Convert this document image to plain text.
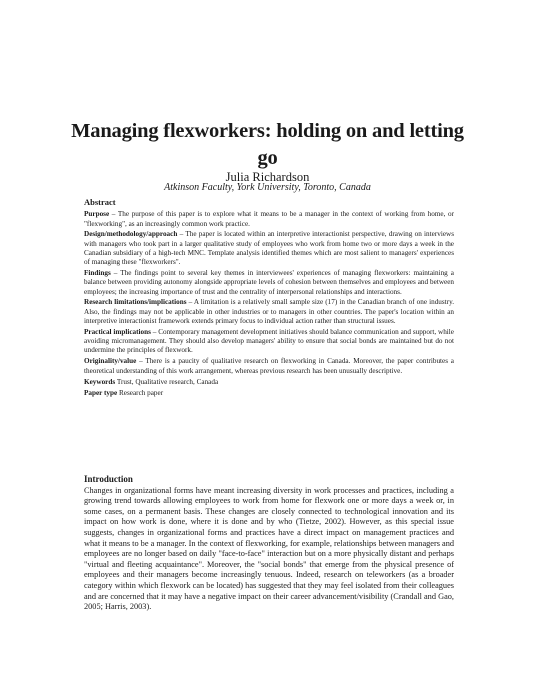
Managing flexworkers: holding on and letting go
Julia Richardson
Atkinson Faculty, York University, Toronto, Canada
Abstract

Purpose – The purpose of this paper is to explore what it means to be a manager in the context of working from home, or "flexworking", as an increasingly common work practice.

Design/methodology/approach – The paper is located within an interpretive interactionist perspective, drawing on interviews with managers who took part in a larger qualitative study of employees who work from home two or more days a week in the Canadian subsidiary of a high-tech MNC. Template analysis identified themes which are most salient to managers' experiences of managing these "flexworkers".

Findings – The findings point to several key themes in interviewees' experiences of managing flexworkers: maintaining a balance between providing autonomy alongside appropriate levels of cohesion between themselves and employees and between employees; the increasing importance of trust and the centrality of interpersonal relationships and interactions.

Research limitations/implications – A limitation is a relatively small sample size (17) in the Canadian branch of one industry. Also, the findings may not be applicable in other industries or to managers in other countries. The paper's location within an interpretive interactionist framework extends primary focus to individual action rather than structural issues.

Practical implications – Contemporary management development initiatives should balance communication and support, while avoiding micromanagement. They should also develop managers' ability to ensure that social bonds are maintained but do not undermine the principles of flexwork.

Originality/value – There is a paucity of qualitative research on flexworking in Canada. Moreover, the paper contributes a theoretical understanding of this work arrangement, whereas previous research has been unusually descriptive.

Keywords Trust, Qualitative research, Canada

Paper type Research paper

Introduction

Changes in organizational forms have meant increasing diversity in work processes and practices, including a growing trend towards allowing employees to work from home for flexwork one or more days a week or, in some cases, on a permanent basis. These changes are closely connected to technological innovation and its impact on how work is done, where it is done and by who (Tietze, 2002). However, as this special issue suggests, changes in organizational forms and practices have a direct impact on management practices and what it means to be a manager. In the context of flexworking, for example, relationships between managers and employees are no longer based on daily "face-to-face" interaction but on a more physically distant and perhaps "virtual and fleeting acquaintance". Moreover, the "social bonds" that emerge from the physical presence of employees and their managers become increasingly tenuous. Indeed, research on teleworkers (as a broader category within which flexwork can be located) has suggested that they may feel isolated from their colleagues and are concerned that it may have a negative impact on their career advancement/visibility (Crandall and Gao, 2005; Harris, 2003).
